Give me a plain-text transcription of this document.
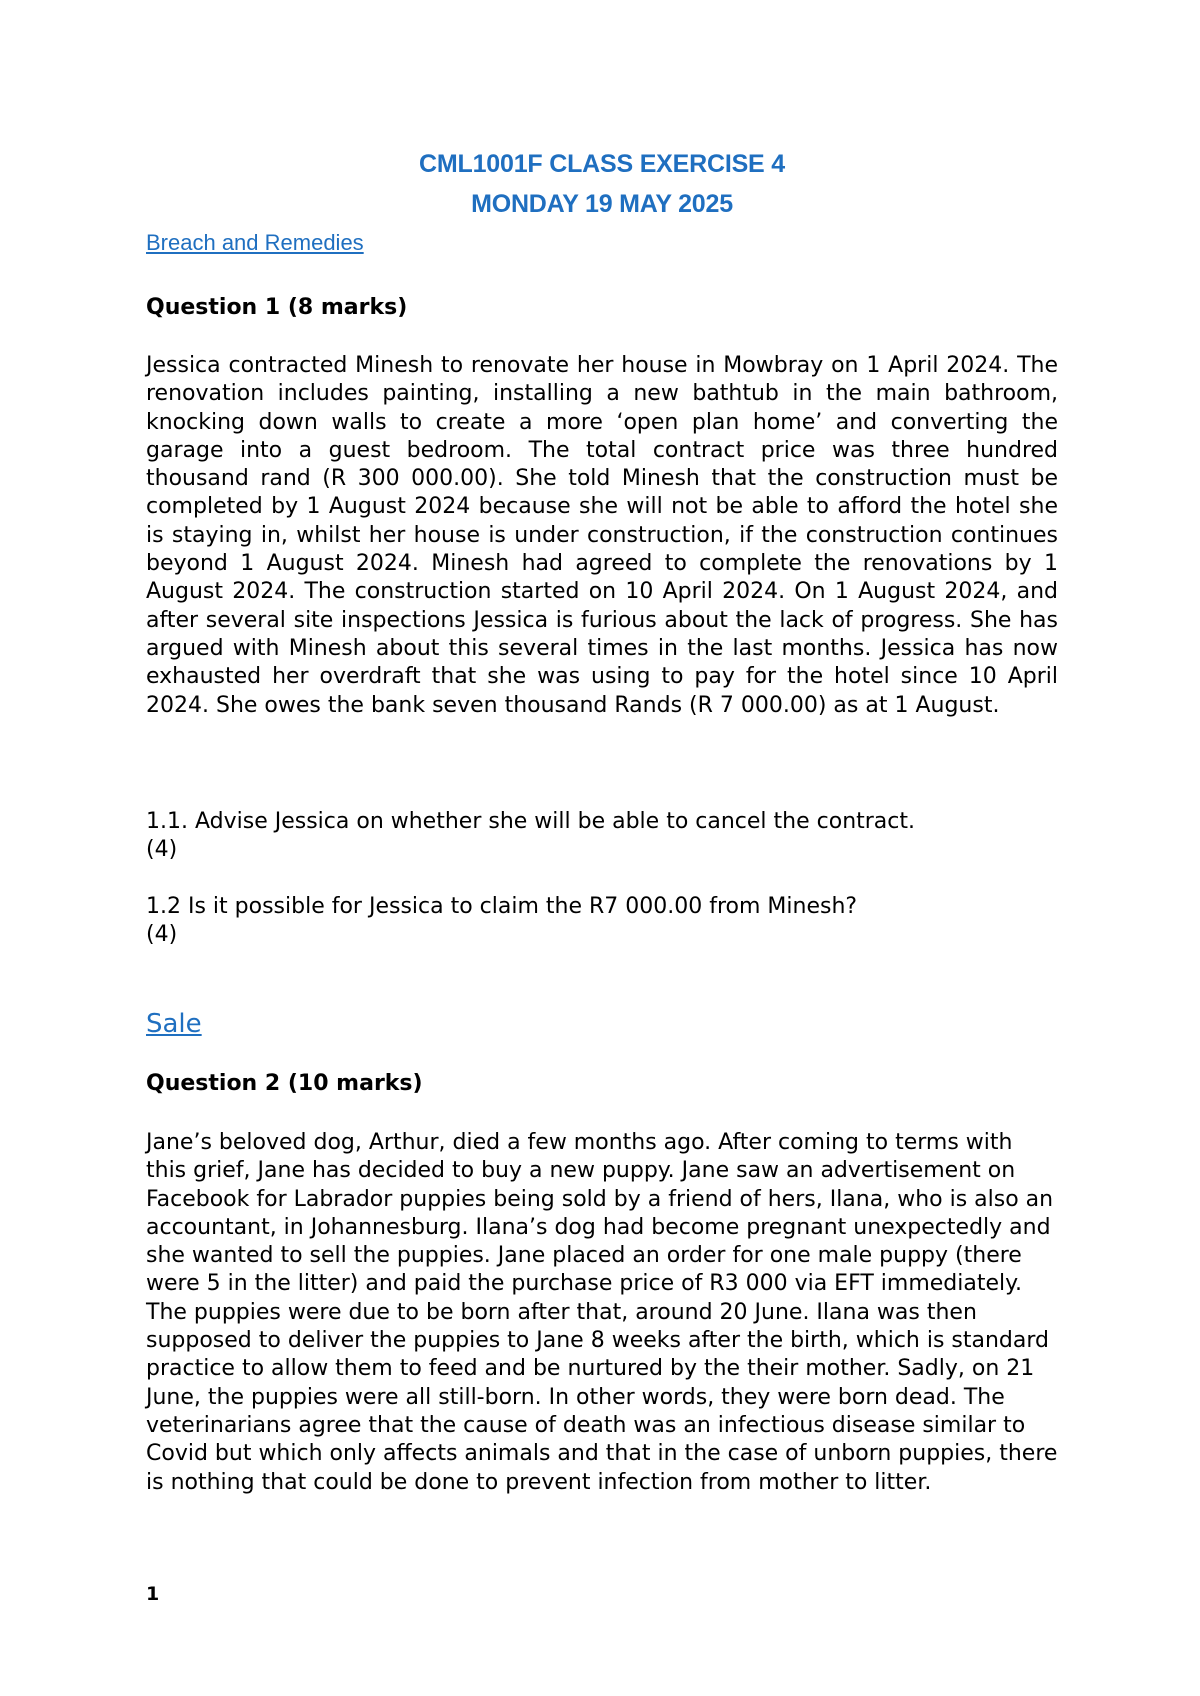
CML1001F CLASS EXERCISE 4
MONDAY 19 MAY 2025
Breach and Remedies
Question 1 (8 marks)
Jessica contracted Minesh to renovate her house in Mowbray on 1 April 2024. The renovation includes painting, installing a new bathtub in the main bathroom, knocking down walls to create a more ‘open plan home’ and converting the garage into a guest bedroom. The total contract price was three hundred thousand rand (R 300 000.00). She told Minesh that the construction must be completed by 1 August 2024 because she will not be able to afford the hotel she is staying in, whilst her house is under construction, if the construction continues beyond 1 August 2024. Minesh had agreed to complete the renovations by 1 August 2024. The construction started on 10 April 2024. On 1 August 2024, and after several site inspections Jessica is furious about the lack of progress. She has argued with Minesh about this several times in the last months. Jessica has now exhausted her overdraft that she was using to pay for the hotel since 10 April 2024. She owes the bank seven thousand Rands (R 7 000.00) as at 1 August.
1.1. Advise Jessica on whether she will be able to cancel the contract.
(4)
1.2 Is it possible for Jessica to claim the R7 000.00 from Minesh?
(4)
Sale
Question 2 (10 marks)
Jane’s beloved dog, Arthur, died a few months ago. After coming to terms with this grief, Jane has decided to buy a new puppy. Jane saw an advertisement on Facebook for Labrador puppies being sold by a friend of hers, Ilana, who is also an accountant, in Johannesburg. Ilana’s dog had become pregnant unexpectedly and she wanted to sell the puppies. Jane placed an order for one male puppy (there were 5 in the litter) and paid the purchase price of R3 000 via EFT immediately. The puppies were due to be born after that, around 20 June. Ilana was then supposed to deliver the puppies to Jane 8 weeks after the birth, which is standard practice to allow them to feed and be nurtured by the their mother. Sadly, on 21 June, the puppies were all still-born. In other words, they were born dead. The veterinarians agree that the cause of death was an infectious disease similar to Covid but which only affects animals and that in the case of unborn puppies, there is nothing that could be done to prevent infection from mother to litter.
1
